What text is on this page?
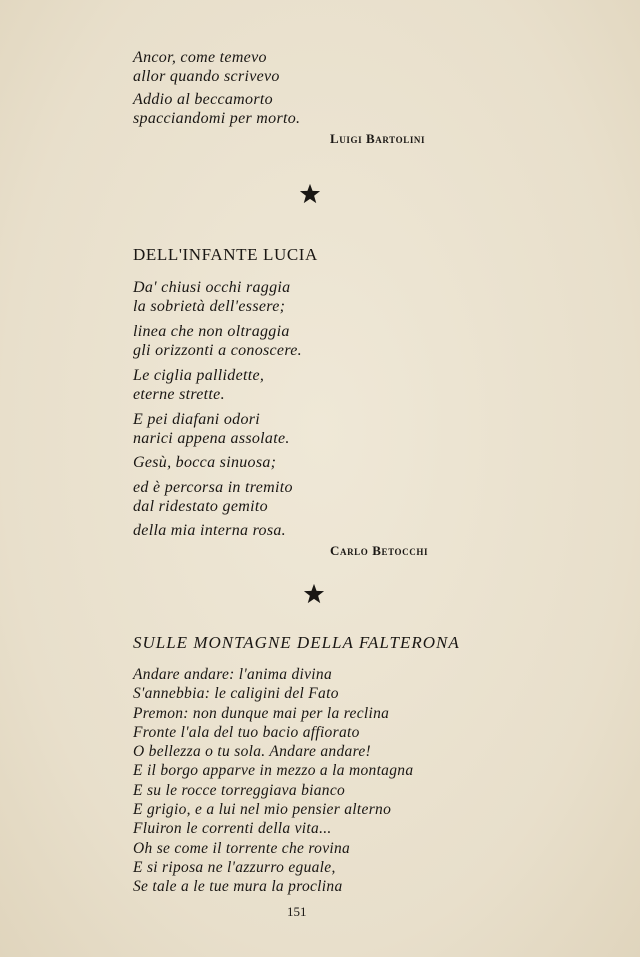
Ancor, come temevo
allor quando scrivevo
Addio al beccamorto
spacciandomi per morto.
Luigi Bartolini
DELL'INFANTE LUCIA
Da' chiusi occhi raggia
la sobrietà dell'essere;
linea che non oltraggia
gli orizzonti a conoscere.
Le ciglia pallidette,
eterne strette.
E pei diafani odori
narici appena assolate.
Gesù, bocca sinuosa;
ed è percorsa in tremito
dal ridestato gemito
della mia interna rosa.
Carlo Betocchi
SULLE MONTAGNE DELLA FALTERONA
Andare andare: l'anima divina
S'annebbia: le caligini del Fato
Premon: non dunque mai per la reclina
Fronte l'ala del tuo bacio affiorato
O bellezza o tu sola. Andare andare!
E il borgo apparve in mezzo a la montagna
E su le rocce torreggiava bianco
E grigio, e a lui nel mio pensier alterno
Fluiron le correnti della vita...
Oh se come il torrente che rovina
E si riposa ne l'azzurro eguale,
Se tale a le tue mura la proclina
151
